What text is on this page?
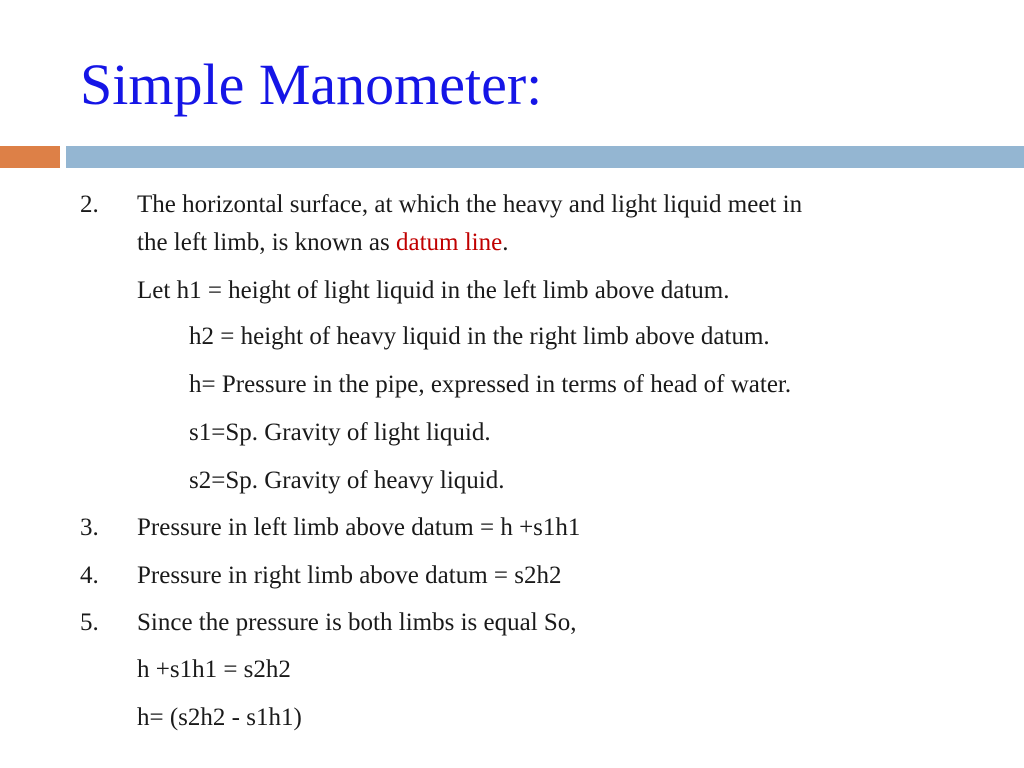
Simple Manometer:
2. The horizontal surface, at which the heavy and light liquid meet in
the left limb, is known as datum line.
Let h1 = height of light liquid in the left limb above datum.
h2 = height of heavy liquid in the right limb above datum.
h= Pressure in the pipe, expressed in terms of head of water.
s1=Sp. Gravity of light liquid.
s2=Sp. Gravity of heavy liquid.
3. Pressure in left limb above datum = h +s1h1
4. Pressure in right limb above datum = s2h2
5. Since the pressure is both limbs is equal So,
h +s1h1 = s2h2
h= (s2h2 - s1h1)
